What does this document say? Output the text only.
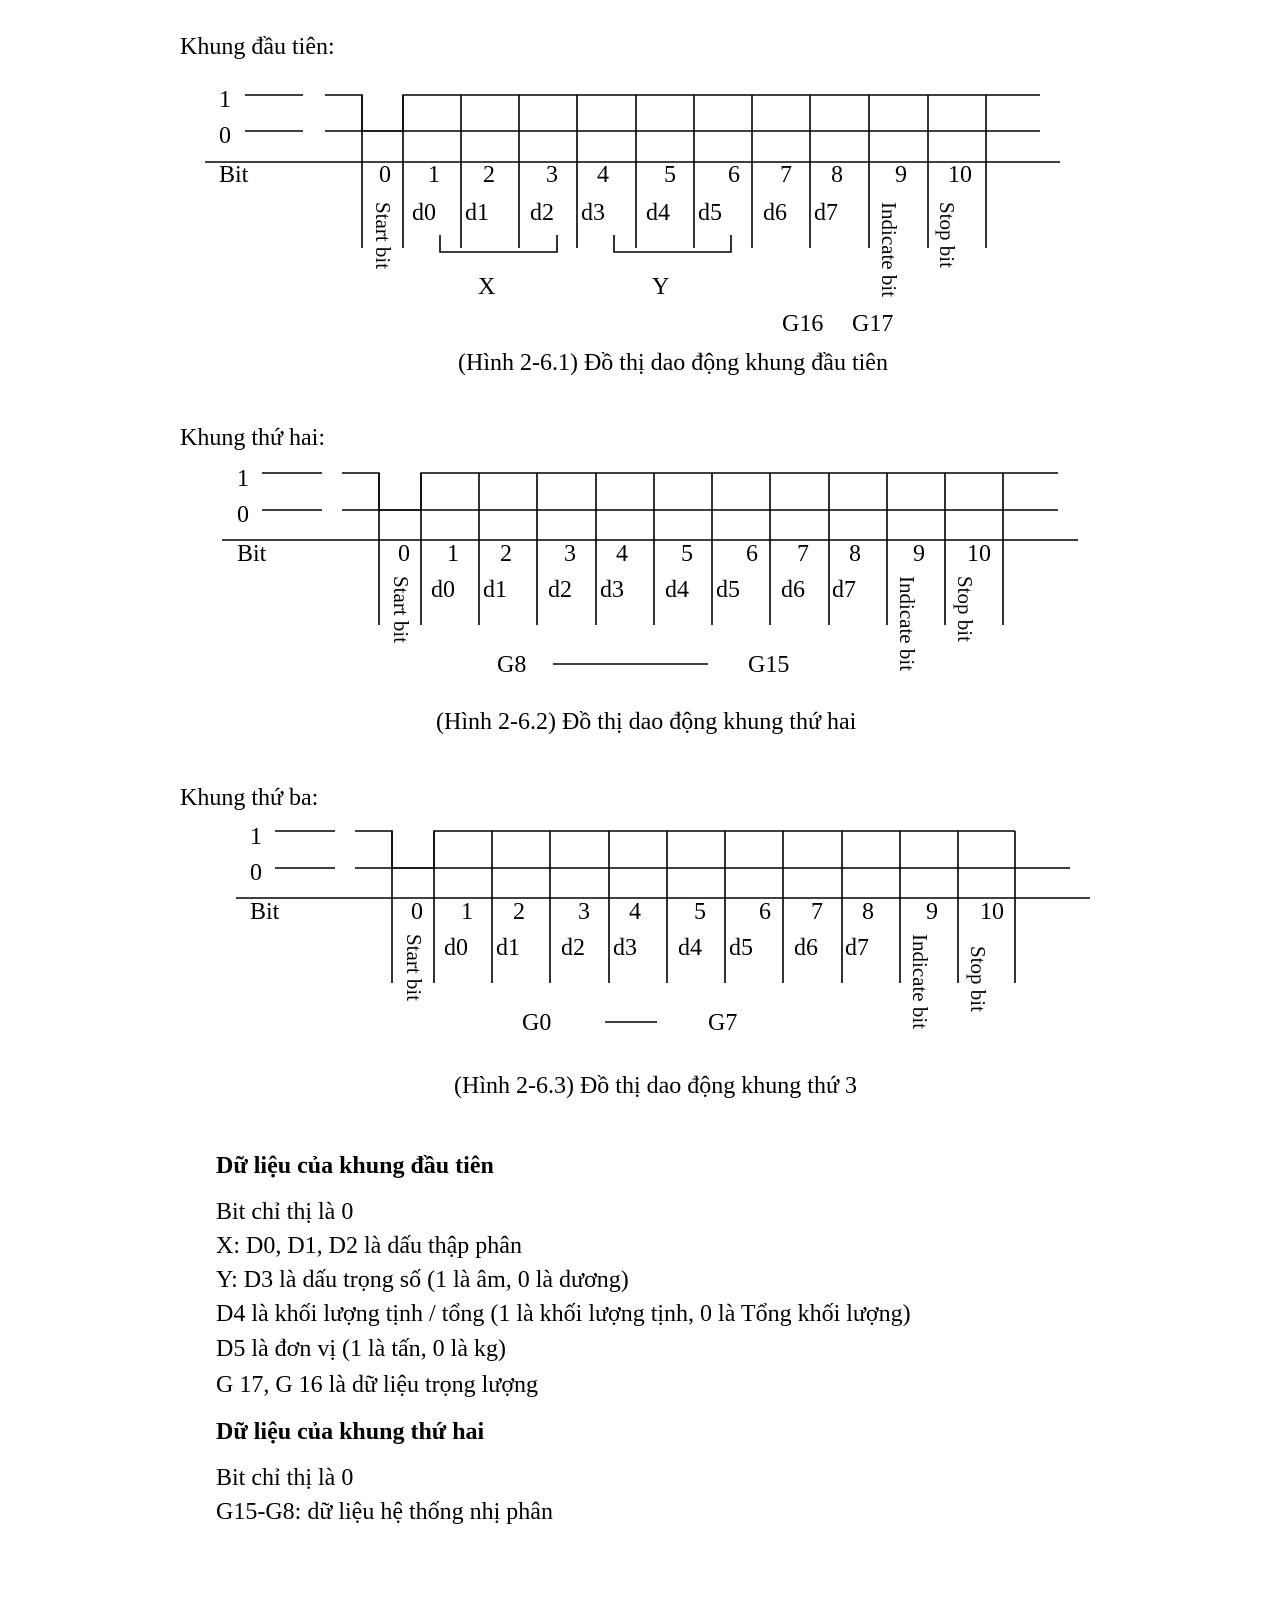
Khung đầu tiên:
1
0
Bit	0 1 2 3 4 5 6 7 8 9 10
d0 d1 d2 d3 d4 d5 d6 d7
Start bit	Indicate bit Stop bit
X	Y
G16 G17
(Hình 2-6.1) Đồ thị dao động khung đầu tiên
Khung thứ hai:
1
0
Bit	0 1 2 3 4 5 6 7 8 9 10
d0 d1 d2 d3 d4 d5 d6 d7
Start bit	Indicate bit Stop bit
G8	G15
(Hình 2-6.2) Đồ thị dao động khung thứ hai
Khung thứ ba:
1
0
Bit	0 1 2 3 4 5 6 7 8 9 10
d0 d1 d2 d3 d4 d5 d6 d7
Start bit	Indicate bit Stop bit
G0	G7
(Hình 2-6.3) Đồ thị dao động khung thứ 3
Dữ liệu của khung đầu tiên
Bit chỉ thị là 0
X: D0, D1, D2 là dấu thập phân
Y: D3 là dấu trọng số (1 là âm, 0 là dương)
D4 là khối lượng tịnh / tổng (1 là khối lượng tịnh, 0 là Tổng khối lượng)
D5 là đơn vị (1 là tấn, 0 là kg)
G 17, G 16 là dữ liệu trọng lượng
Dữ liệu của khung thứ hai
Bit chỉ thị là 0
G15-G8: dữ liệu hệ thống nhị phân
